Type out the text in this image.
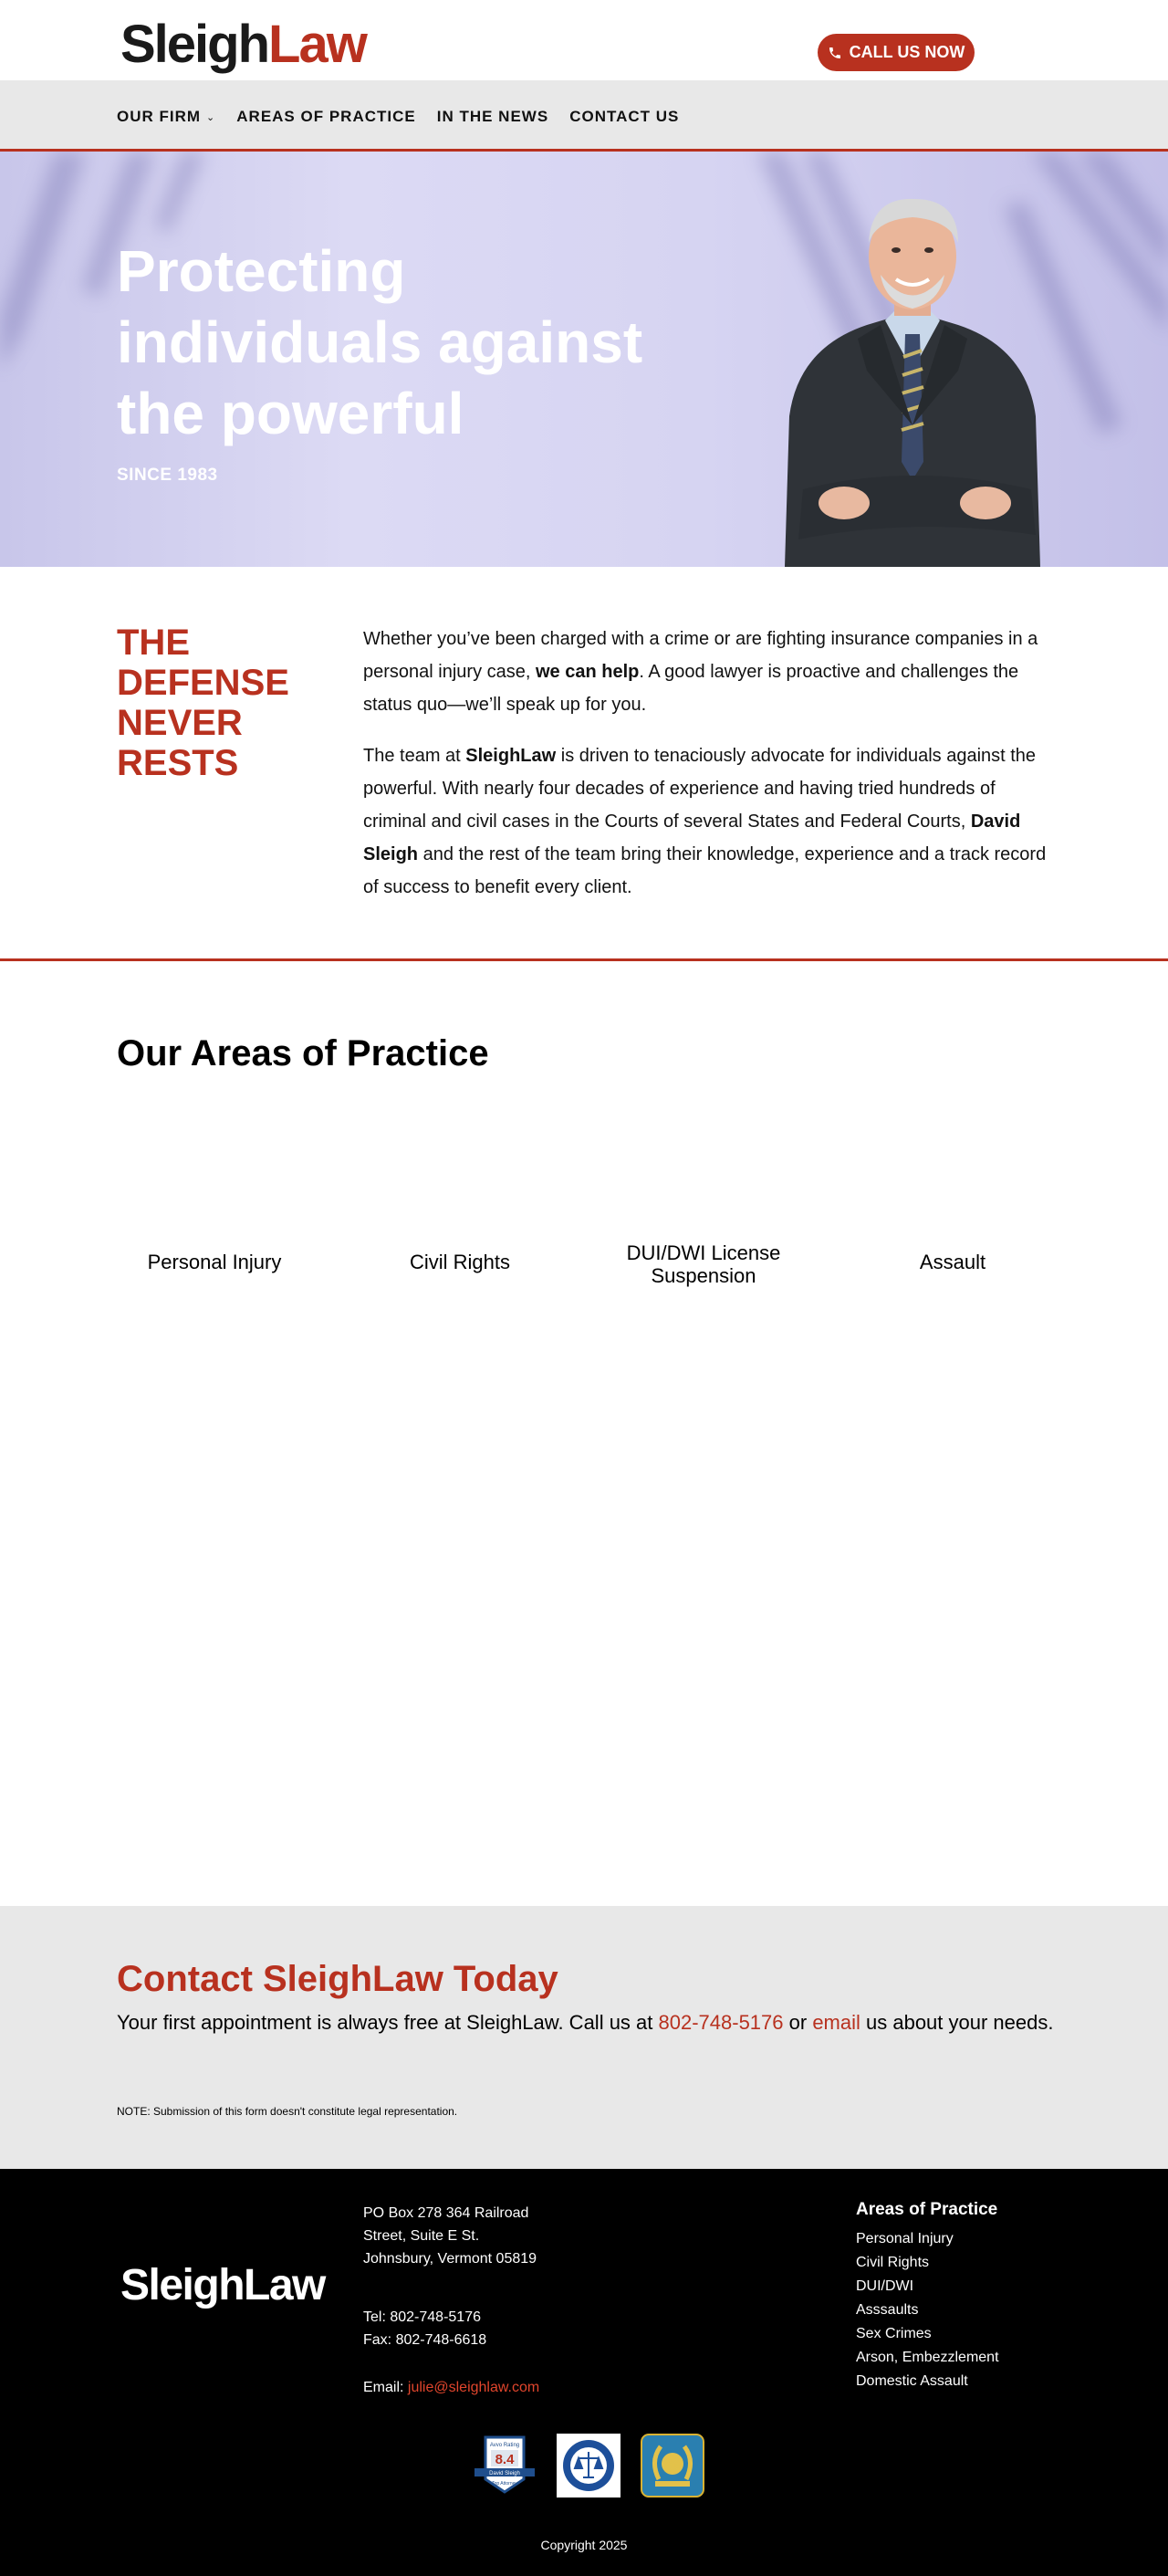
SleighLaw	CALL US NOW
OUR FIRM ⌄ AREAS OF PRACTICE IN THE NEWS CONTACT US
Protecting individuals against the powerful
SINCE 1983
THE DEFENSE NEVER RESTS

Whether you’ve been charged with a crime or are fighting insurance companies in a personal injury case, we can help. A good lawyer is proactive and challenges the status quo—we’ll speak up for you.

The team at SleighLaw is driven to tenaciously advocate for individuals against the powerful. With nearly four decades of experience and having tried hundreds of criminal and civil cases in the Courts of several States and Federal Courts, David Sleigh and the rest of the team bring their knowledge, experience and a track record of success to benefit every client.

Our Areas of Practice
Personal Injury	Civil Rights	DUI/DWI License Suspension
Assault
Contact SleighLaw Today

Your first appointment is always free at SleighLaw. Call us at 802-748-5176 or email us about your needs.

NOTE: Submission of this form doesn't constitute legal representation.

SleighLaw
PO Box 278 364 Railroad Street, Suite E St. Johnsbury, Vermont 05819
Tel: 802-748-5176
Fax: 802-748-6618
Email: julie@sleighlaw.com
Areas of Practice
Personal Injury
Civil Rights
DUI/DWI
Asssaults
Sex Crimes
Arson, Embezzlement
Domestic Assault
Avvo Rating
8.4
David Sleigh
Top Attorney
Copyright 2025
